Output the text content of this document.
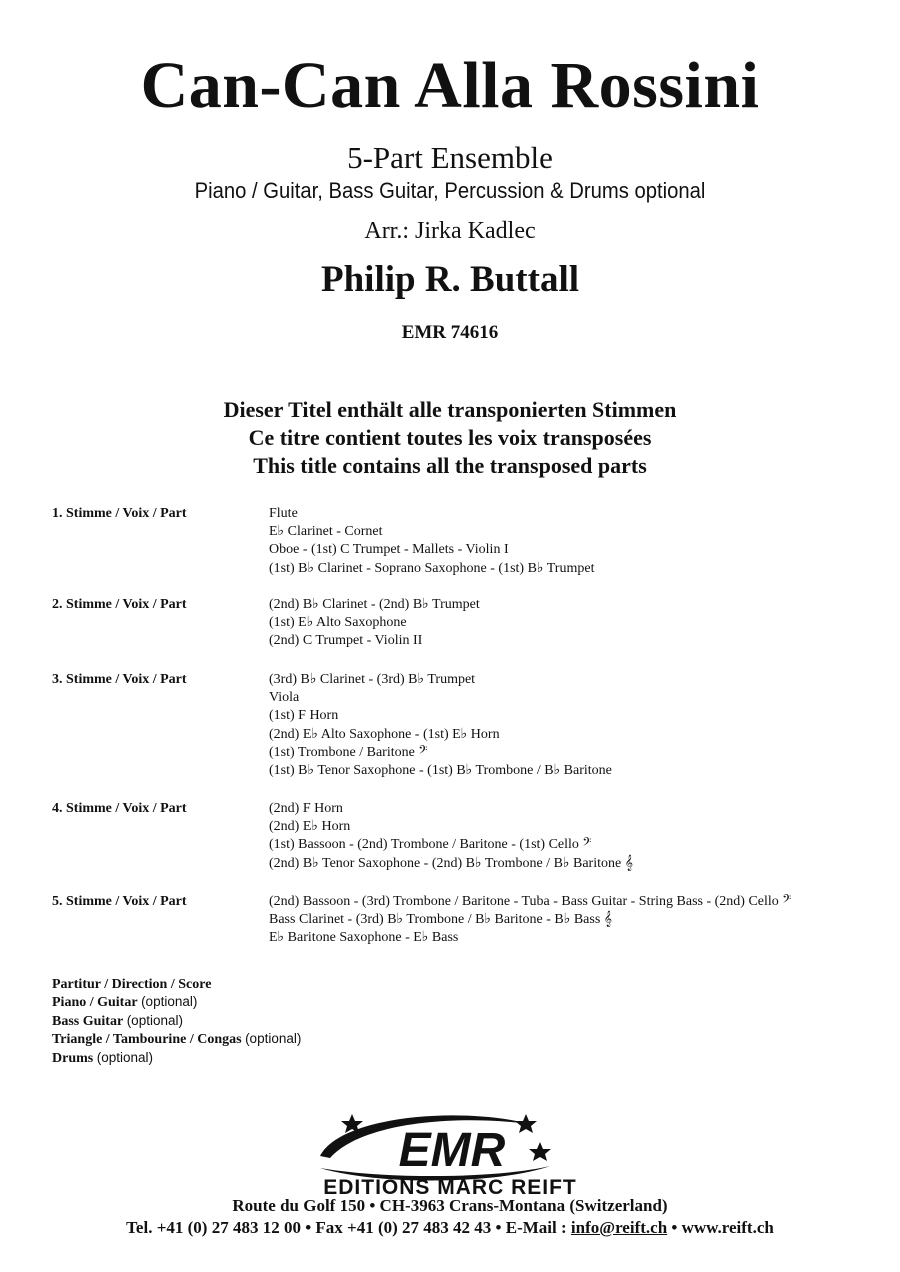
Can-Can Alla Rossini
5-Part Ensemble
Piano / Guitar, Bass Guitar, Percussion & Drums optional
Arr.: Jirka Kadlec
Philip R. Buttall
EMR 74616
Dieser Titel enthält alle transponierten Stimmen
Ce titre contient toutes les voix transposées
This title contains all the transposed parts
1. Stimme / Voix / Part	Flute
E♭ Clarinet - Cornet
Oboe - (1st) C Trumpet - Mallets - Violin I
(1st) B♭ Clarinet - Soprano Saxophone - (1st) B♭ Trumpet
2. Stimme / Voix / Part	(2nd) B♭ Clarinet - (2nd) B♭ Trumpet
(1st) E♭ Alto Saxophone
(2nd) C Trumpet - Violin II
3. Stimme / Voix / Part	(3rd) B♭ Clarinet - (3rd) B♭ Trumpet
Viola
(1st) F Horn
(2nd) E♭ Alto Saxophone - (1st) E♭ Horn
(1st) Trombone / Baritone 𝄢
(1st) B♭ Tenor Saxophone - (1st) B♭ Trombone / B♭ Baritone
4. Stimme / Voix / Part	(2nd) F Horn
(2nd) E♭ Horn
(1st) Bassoon - (2nd) Trombone / Baritone - (1st) Cello 𝄢
(2nd) B♭ Tenor Saxophone - (2nd) B♭ Trombone / B♭ Baritone 𝄞
5. Stimme / Voix / Part	(2nd) Bassoon - (3rd) Trombone / Baritone - Tuba - Bass Guitar - String Bass - (2nd) Cello 𝄢
Bass Clarinet - (3rd) B♭ Trombone / B♭ Baritone - B♭ Bass 𝄞
E♭ Baritone Saxophone - E♭ Bass
Partitur / Direction / Score
Piano / Guitar (optional)
Bass Guitar (optional)
Triangle / Tambourine / Congas (optional)
Drums (optional)
EMR
EDITIONS MARC REIFT
Route du Golf 150 • CH-3963 Crans-Montana (Switzerland)
Tel. +41 (0) 27 483 12 00 • Fax +41 (0) 27 483 42 43 • E-Mail : info@reift.ch • www.reift.ch
